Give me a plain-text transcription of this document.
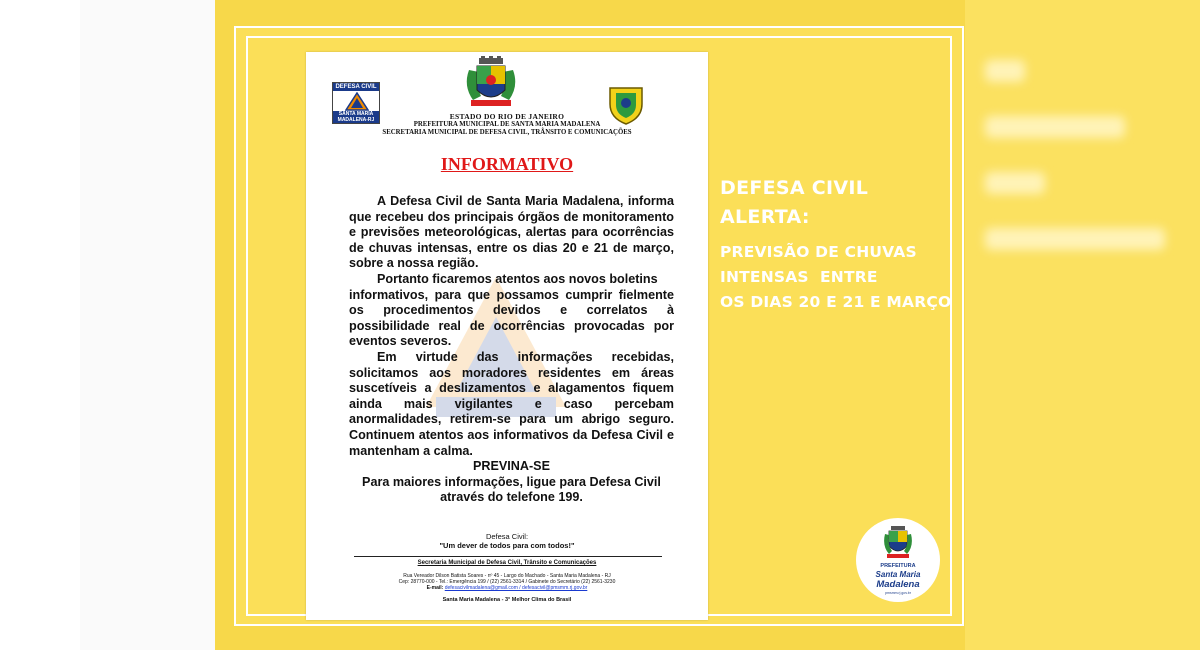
DEFESA CIVIL
SANTA MARIA MADALENA-RJ	ESTADO DO RIO DE JANEIRO
PREFEITURA MUNICIPAL DE SANTA MARIA MADALENA
SECRETARIA MUNICIPAL DE DEFESA CIVIL, TRÂNSITO E COMUNICAÇÕES
INFORMATIVO

A Defesa Civil de Santa Maria Madalena, informa que recebeu dos principais órgãos de monitoramento e previsões meteorológicas, alertas para ocorrências de chuvas intensas, entre os dias 20 e 21 de março, sobre a nossa região.

Portanto ficaremos atentos aos novos boletins

informativos, para que possamos cumprir fielmente os procedimentos devidos e correlatos à possibilidade real de ocorrências provocadas por eventos severos.

Em virtude das informações recebidas, solicitamos aos moradores residentes em áreas suscetíveis a deslizamentos e alagamentos fiquem ainda mais vigilantes e caso percebam anormalidades, retirem-se para um abrigo seguro. Continuem atentos aos informativos da Defesa Civil e mantenham a calma.

PREVINA-SE

Para maiores informações, ligue para Defesa Civil através do telefone 199.

Defesa Civil:
"Um dever de todos para com todos!"
Secretaria Municipal de Defesa Civil, Trânsito e Comunicações
Rua Vereador Dilson Batista Soares - nº 45 - Largo do Machado - Santa Maria Madalena - RJ
Cep: 28770-000 - Tel.: Emergência 199 / (22) 2561-3314 / Gabinete do Secretário (22) 2561-3230
E-mail: defesacivilmadalena@gmail.com / defesacivil@pmsmm.rj.gov.br
Santa Maria Madalena - 3° Melhor Clima do Brasil
DEFESA CIVIL
ALERTA:
PREVISÃO DE CHUVAS
INTENSAS  ENTRE
OS DIAS 20 E 21 E MARÇO
PREFEITURA
Santa Maria
Madalena
pmsmm.rj.gov.br
